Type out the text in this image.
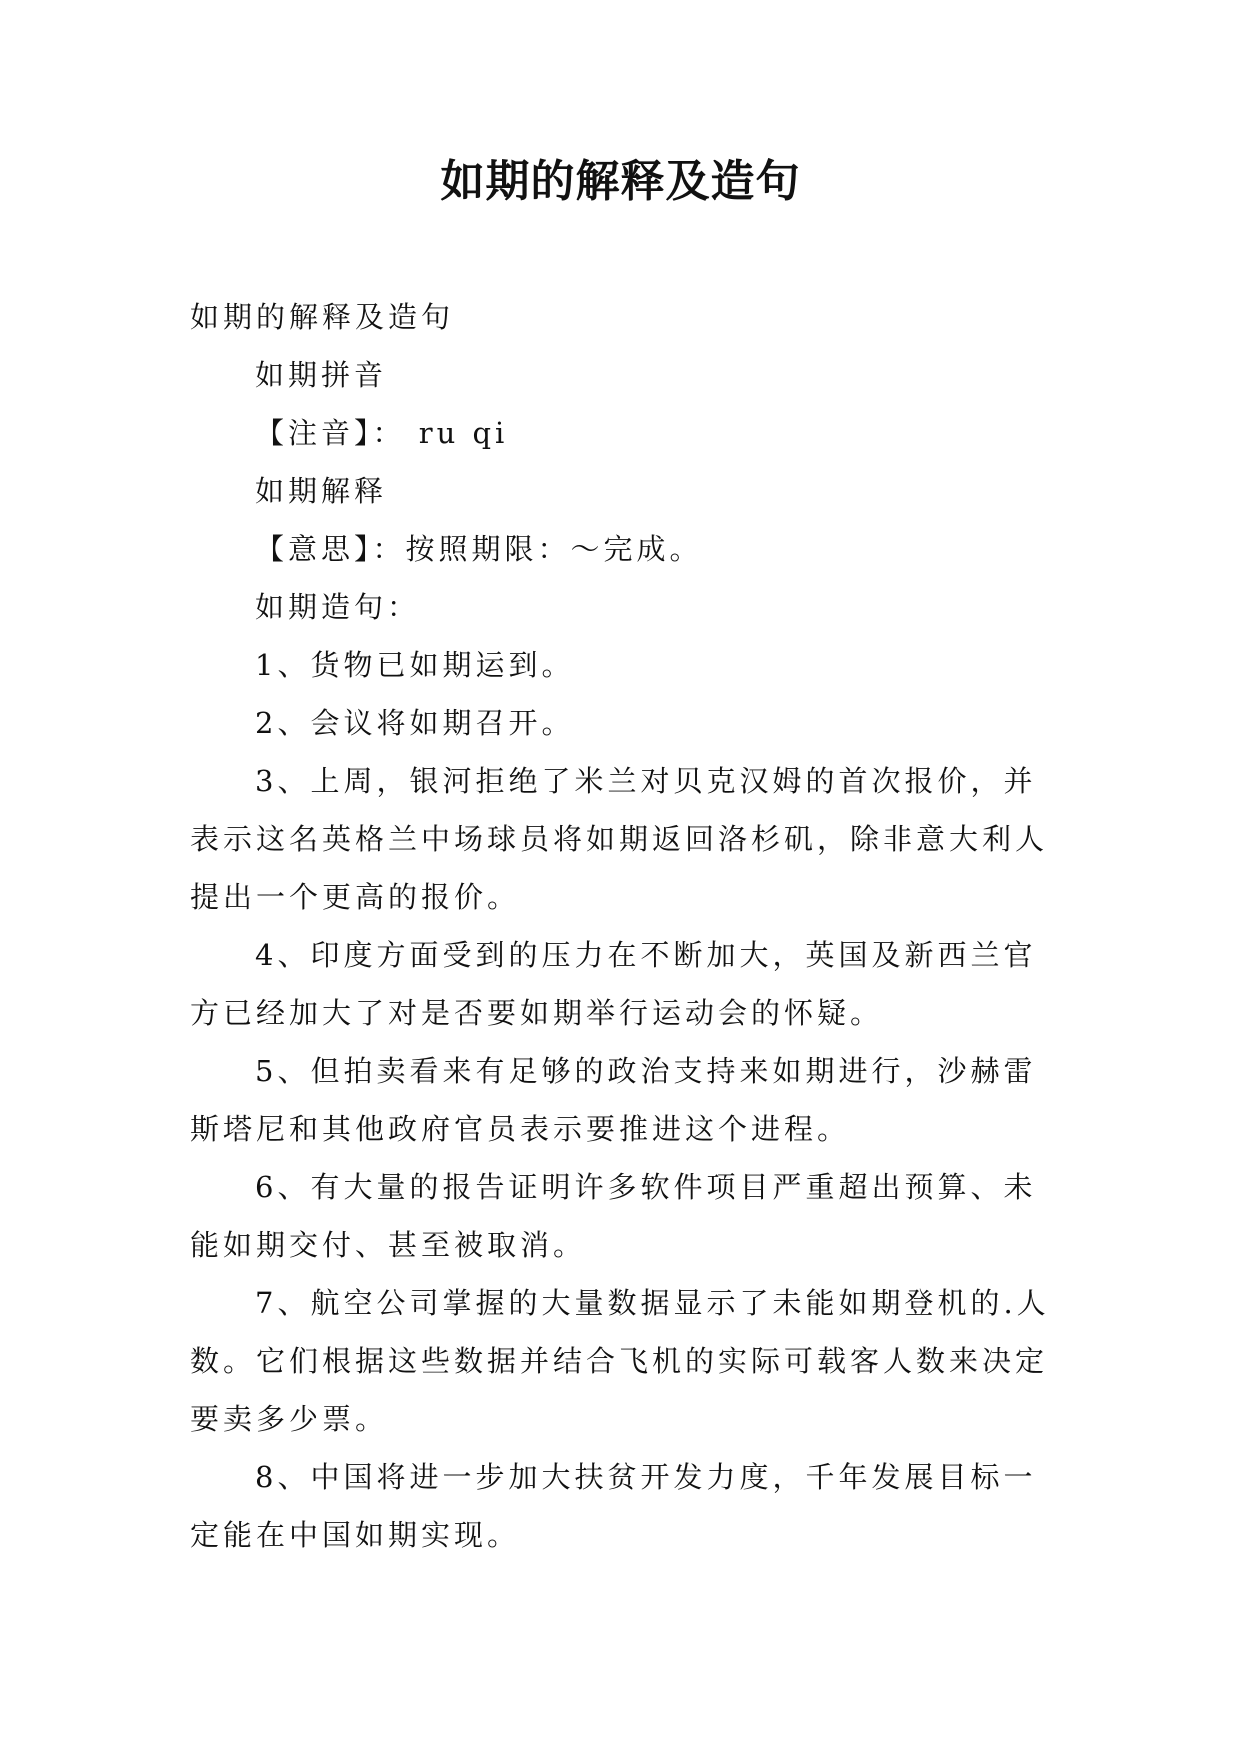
如期的解释及造句

如期的解释及造句

如期拼音

【注音】： ru qi

如期解释

【意思】：按照期限：～完成。

如期造句：

1、货物已如期运到。

2、会议将如期召开。

3、上周，银河拒绝了米兰对贝克汉姆的首次报价，并表示这名英格兰中场球员将如期返回洛杉矶，除非意大利人提出一个更高的报价。

4、印度方面受到的压力在不断加大，英国及新西兰官方已经加大了对是否要如期举行运动会的怀疑。

5、但拍卖看来有足够的政治支持来如期进行，沙赫雷斯塔尼和其他政府官员表示要推进这个进程。

6、有大量的报告证明许多软件项目严重超出预算、未能如期交付、甚至被取消。

7、航空公司掌握的大量数据显示了未能如期登机的.人数。它们根据这些数据并结合飞机的实际可载客人数来决定要卖多少票。

8、中国将进一步加大扶贫开发力度，千年发展目标一定能在中国如期实现。
